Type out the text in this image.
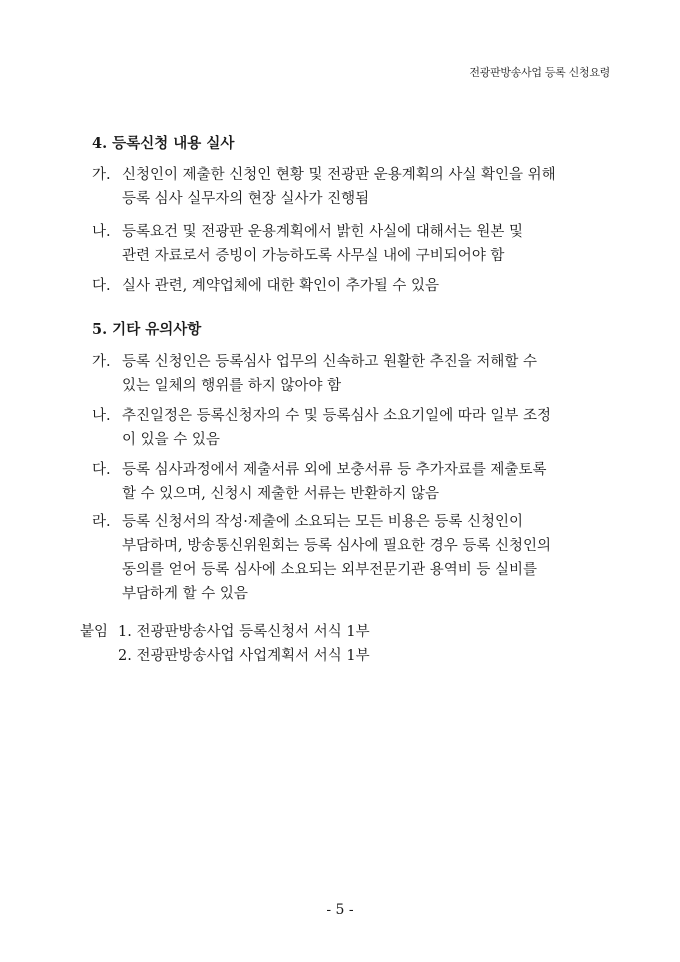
전광판방송사업 등록 신청요령

4. 등록신청 내용 실사

가. 신청인이 제출한 신청인 현황 및 전광판 운용계획의 사실 확인을 위해
등록 심사 실무자의 현장 실사가 진행됨
나. 등록요건 및 전광판 운용계획에서 밝힌 사실에 대해서는 원본 및
관련 자료로서 증빙이 가능하도록 사무실 내에 구비되어야 함
다. 실사 관련, 계약업체에 대한 확인이 추가될 수 있음

5. 기타 유의사항

가. 등록 신청인은 등록심사 업무의 신속하고 원활한 추진을 저해할 수
있는 일체의 행위를 하지 않아야 함
나. 추진일정은 등록신청자의 수 및 등록심사 소요기일에 따라 일부 조정
이 있을 수 있음
다. 등록 심사과정에서 제출서류 외에 보충서류 등 추가자료를 제출토록
할 수 있으며, 신청시 제출한 서류는 반환하지 않음
라. 등록 신청서의 작성·제출에 소요되는 모든 비용은 등록 신청인이
부담하며, 방송통신위원회는 등록 심사에 필요한 경우 등록 신청인의
동의를 얻어 등록 심사에 소요되는 외부전문기관 용역비 등 실비를
부담하게 할 수 있음
붙임 1. 전광판방송사업 등록신청서 서식 1부
2. 전광판방송사업 사업계획서 서식 1부
- 5 -
